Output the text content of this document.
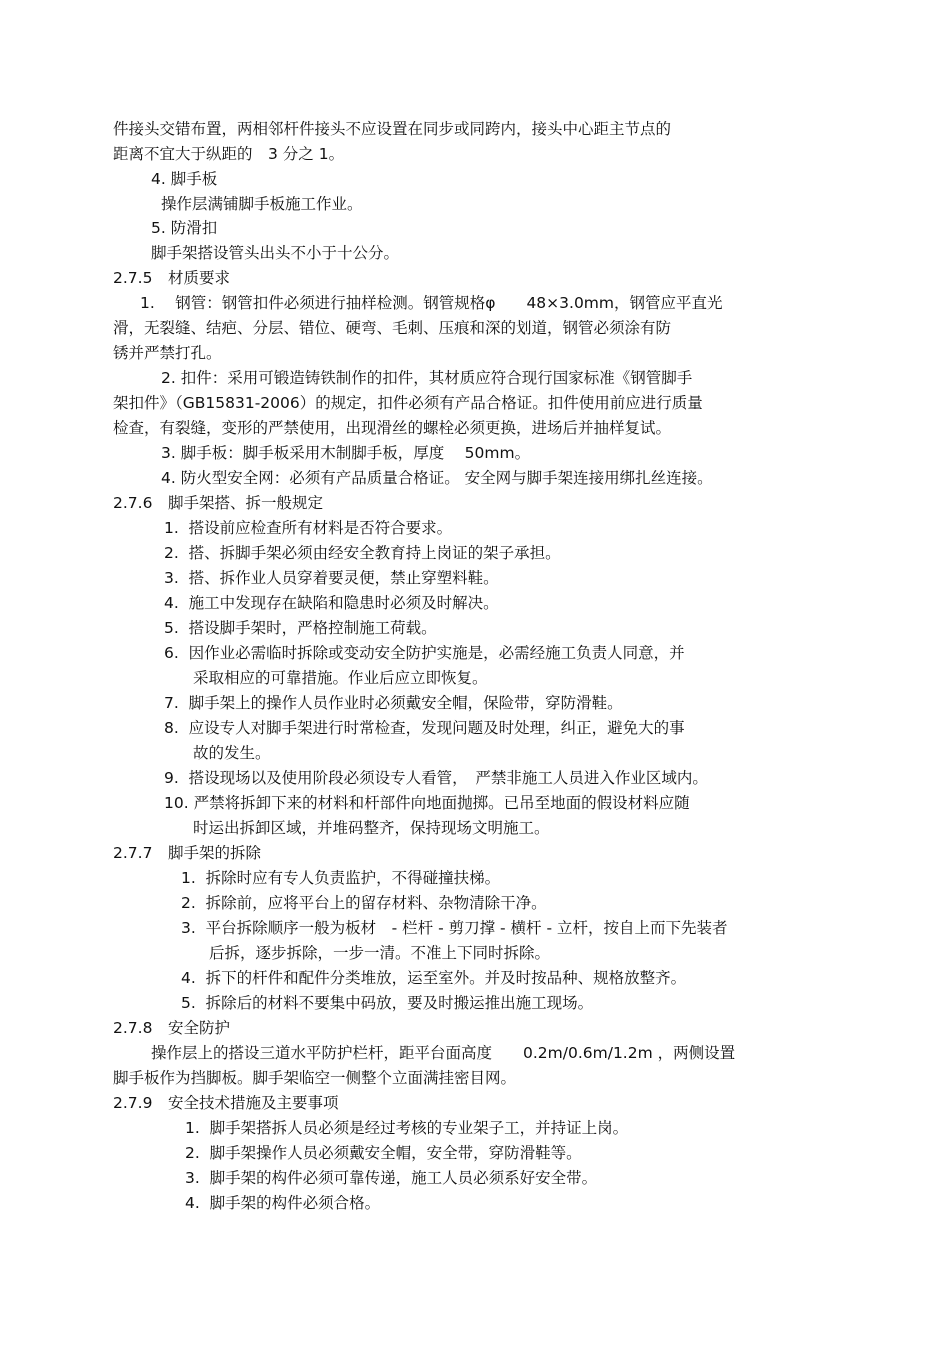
件接头交错布置，两相邻杆件接头不应设置在同步或同跨内，接头中心距主节点的
距离不宜大于纵距的　3 分之 1。
4. 脚手板
操作层满铺脚手板施工作业。
5. 防滑扣
脚手架搭设管头出头不小于十公分。
2.7.5　材质要求
1.　 钢管：钢管扣件必须进行抽样检测。钢管规格φ　　48×3.0mm，钢管应平直光
滑，无裂缝、结疤、分层、错位、硬弯、毛刺、压痕和深的划道，钢管必须涂有防
锈并严禁打孔。
2. 扣件：采用可锻造铸铁制作的扣件，其材质应符合现行国家标准《钢管脚手
架扣件》（GB15831-2006）的规定，扣件必须有产品合格证。扣件使用前应进行质量
检查，有裂缝，变形的严禁使用，出现滑丝的螺栓必须更换，进场后并抽样复试。
3. 脚手板：脚手板采用木制脚手板，厚度　 50mm。
4. 防火型安全网：必须有产品质量合格证。 安全网与脚手架连接用绑扎丝连接。
2.7.6　脚手架搭、拆一般规定
1.  搭设前应检查所有材料是否符合要求。
2.  搭、拆脚手架必须由经安全教育持上岗证的架子承担。
3.  搭、拆作业人员穿着要灵便，禁止穿塑料鞋。
4.  施工中发现存在缺陷和隐患时必须及时解决。
5.  搭设脚手架时，严格控制施工荷载。
6.  因作业必需临时拆除或变动安全防护实施是，必需经施工负责人同意，并
采取相应的可靠措施。作业后应立即恢复。
7.  脚手架上的操作人员作业时必须戴安全帽，保险带，穿防滑鞋。
8.  应设专人对脚手架进行时常检查，发现问题及时处理，纠正，避免大的事
故的发生。
9.  搭设现场以及使用阶段必须设专人看管，　严禁非施工人员进入作业区域内。
10. 严禁将拆卸下来的材料和杆部件向地面抛掷。已吊至地面的假设材料应随
时运出拆卸区域，并堆码整齐，保持现场文明施工。
2.7.7　脚手架的拆除
1.  拆除时应有专人负责监护，不得碰撞扶梯。
2.  拆除前，应将平台上的留存材料、杂物清除干净。
3.  平台拆除顺序一般为板材　- 栏杆 - 剪刀撑 - 横杆 - 立杆，按自上而下先装者
后拆，逐步拆除，一步一清。不准上下同时拆除。
4.  拆下的杆件和配件分类堆放，运至室外。并及时按品种、规格放整齐。
5.  拆除后的材料不要集中码放，要及时搬运推出施工现场。
2.7.8　安全防护
操作层上的搭设三道水平防护栏杆，距平台面高度　　0.2m/0.6m/1.2m ，两侧设置
脚手板作为挡脚板。脚手架临空一侧整个立面满挂密目网。
2.7.9　安全技术措施及主要事项
1.  脚手架搭拆人员必须是经过考核的专业架子工，并持证上岗。
2.  脚手架操作人员必须戴安全帽，安全带，穿防滑鞋等。
3.  脚手架的构件必须可靠传递，施工人员必须系好安全带。
4.  脚手架的构件必须合格。
